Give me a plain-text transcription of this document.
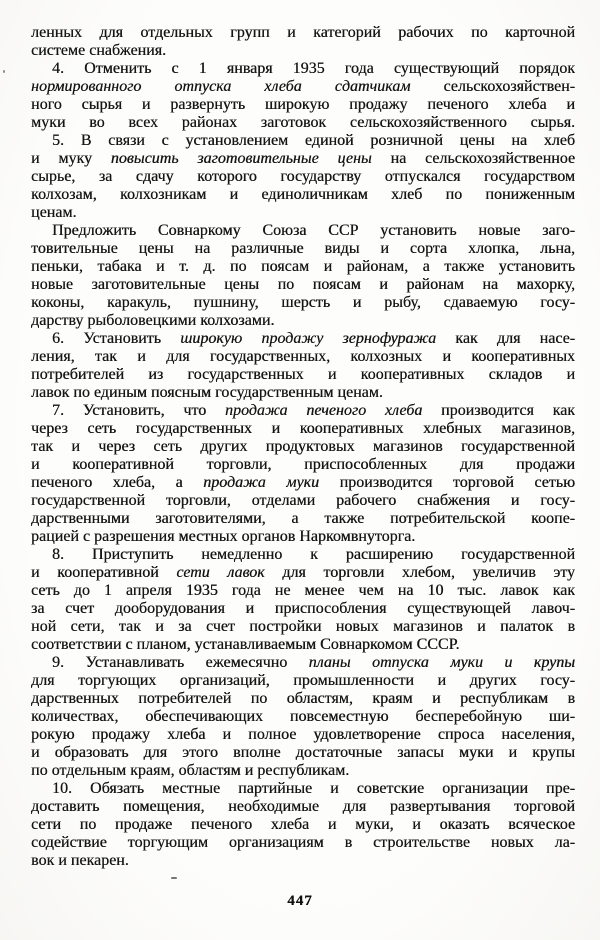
ленных для отдельных групп и категорий рабочих по карточной
системе снабжения.
4. Отменить с 1 января 1935 года существующий порядок
нормированного отпуска хлеба сдатчикам сельскохозяйствен-
ного сырья и развернуть широкую продажу печеного хлеба и
муки во всех районах заготовок сельскохозяйственного сырья.
5. В связи с установлением единой розничной цены на хлеб
и муку повысить заготовительные цены на сельскохозяйственное
сырье, за сдачу которого государству отпускался государством
колхозам, колхозникам и единоличникам хлеб по пониженным
ценам.
Предложить Совнаркому Союза ССР установить новые заго-
товительные цены на различные виды и сорта хлопка, льна,
пеньки, табака и т. д. по поясам и районам, а также установить
новые заготовительные цены по поясам и районам на махорку,
коконы, каракуль, пушнину, шерсть и рыбу, сдаваемую госу-
дарству рыболовецкими колхозами.
6. Установить широкую продажу зернофуража как для насе-
ления, так и для государственных, колхозных и кооперативных
потребителей из государственных и кооперативных складов и
лавок по единым поясным государственным ценам.
7. Установить, что продажа печеного хлеба производится как
через сеть государственных и кооперативных хлебных магазинов,
так и через сеть других продуктовых магазинов государственной
и кооперативной торговли, приспособленных для продажи
печеного хлеба, а продажа муки производится торговой сетью
государственной торговли, отделами рабочего снабжения и госу-
дарственными заготовителями, а также потребительской коопе-
рацией с разрешения местных органов Наркомвнуторга.
8. Приступить немедленно к расширению государственной
и кооперативной сети лавок для торговли хлебом, увеличив эту
сеть до 1 апреля 1935 года не менее чем на 10 тыс. лавок как
за счет дооборудования и приспособления существующей лавоч-
ной сети, так и за счет постройки новых магазинов и палаток в
соответствии с планом, устанавливаемым Совнаркомом СССР.
9. Устанавливать ежемесячно планы отпуска муки и крупы
для торгующих организаций, промышленности и других госу-
дарственных потребителей по областям, краям и республикам в
количествах, обеспечивающих повсеместную бесперебойную ши-
рокую продажу хлеба и полное удовлетворение спроса населения,
и образовать для этого вполне достаточные запасы муки и крупы
по отдельным краям, областям и республикам.
10. Обязать местные партийные и советские организации пре-
доставить помещения, необходимые для развертывания торговой
сети по продаже печеного хлеба и муки, и оказать всяческое
содействие торгующим организациям в строительстве новых ла-
вок и пекарен.
447
